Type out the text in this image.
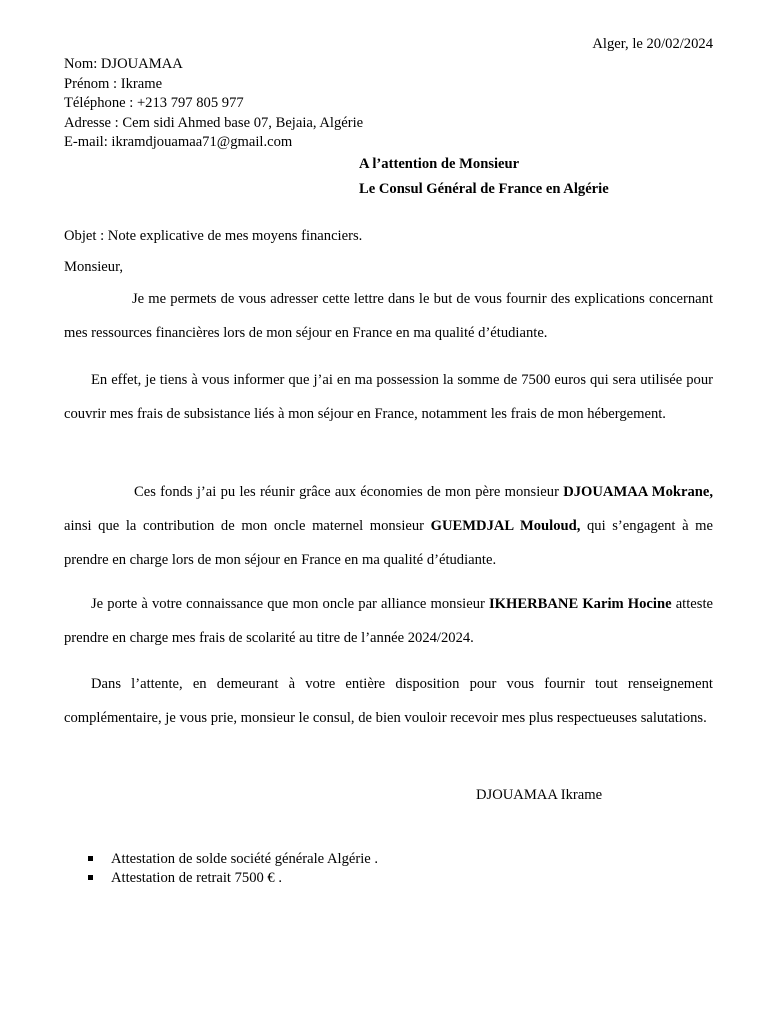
Alger, le 20/02/2024
Nom: DJOUAMAA
Prénom : Ikrame
Téléphone : +213 797 805 977
Adresse : Cem sidi Ahmed base 07, Bejaia, Algérie
E-mail: ikramdjouamaa71@gmail.com
A l’attention de Monsieur
Le Consul Général de France en Algérie
Objet : Note explicative de mes moyens financiers.
Monsieur,
Je me permets de vous adresser cette lettre dans le but de vous fournir des explications concernant mes ressources financières lors de mon séjour en France en ma qualité d’étudiante.
En effet, je tiens à vous informer que j’ai en ma possession la somme de 7500 euros qui sera utilisée pour couvrir mes frais de subsistance liés à mon séjour en France, notamment les frais de mon hébergement.
Ces fonds j’ai pu les réunir grâce aux économies de mon père monsieur DJOUAMAA Mokrane, ainsi que la contribution de mon oncle maternel monsieur GUEMDJAL Mouloud, qui s’engagent à me prendre en charge lors de mon séjour en France en ma qualité d’étudiante.
Je porte à votre connaissance que mon oncle par alliance monsieur IKHERBANE Karim Hocine atteste prendre en charge mes frais de scolarité au titre de l’année 2024/2024.
Dans l’attente, en demeurant à votre entière disposition pour vous fournir tout renseignement complémentaire, je vous prie, monsieur le consul, de bien vouloir recevoir mes plus respectueuses salutations.
DJOUAMAA Ikrame
Attestation de solde société générale Algérie .
Attestation de retrait 7500 € .
